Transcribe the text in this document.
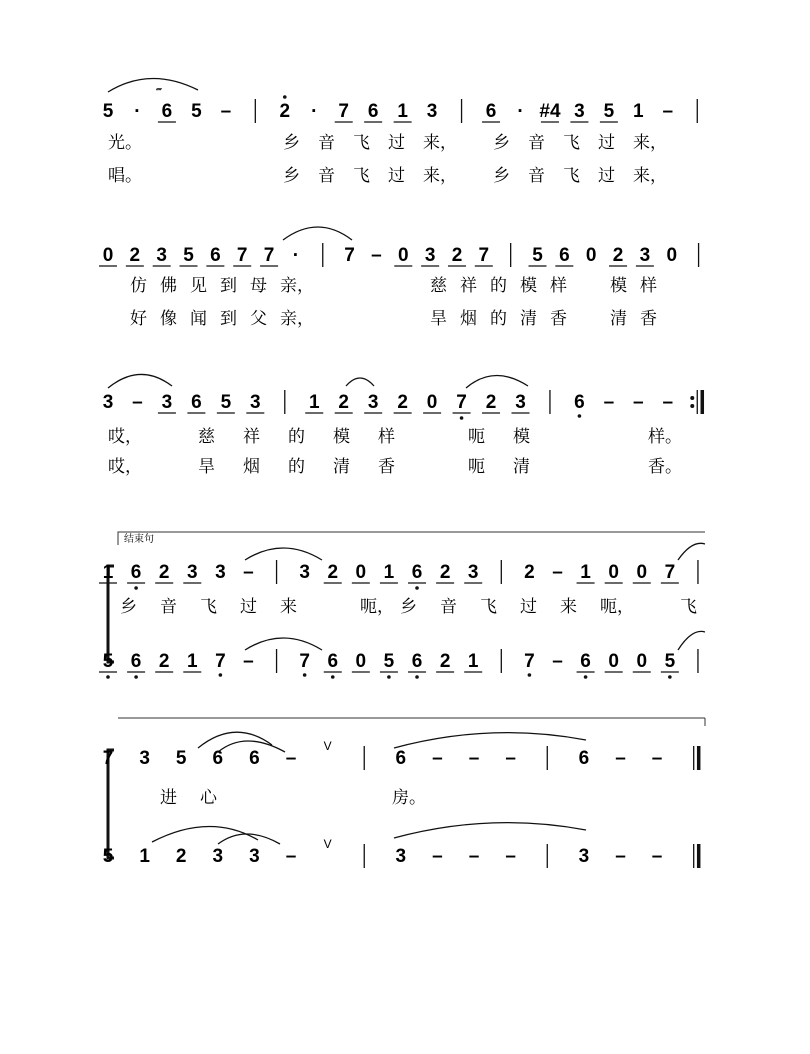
结束句
⁗
5 · 6 5 –	2 · 7 6 1 3	6 · #4 3 5 1 –
光。	乡 音 飞 过 来， 乡 音 飞 过 来，
唱。	乡 音 飞 过 来， 乡 音 飞 过 来，
0 2 3 5 6 7 7 · 7 – 0 3 2 7 5 6 0 2 3 0
仿 佛 见 到 母 亲，	慈 祥 的 模 样	模 样
好 像 闻 到 父 亲，	旱 烟 的 清 香	清 香
3 – 3 6 5 3	1 2 3 2 0 7 2 3	6 – – –
哎，	慈 祥 的 模 样	呃 模	样。
哎，	旱 烟 的 清 香	呃 清	香。
1 6 2 3 3 – 3 2 0 1 6 2 3 2 – 1 0 0 7
乡 音 飞 过 来	呃， 乡 音 飞 过 来 呃，	飞
5 6 2 1 7 – 7 6 0 5 6 2 1 7 – 6 0 0 5
7 3 5 6 6 –
V
6 – – –	6 – –
进 心	房。
5 1 2 3 3 –
V
3 – – –	3 – –
